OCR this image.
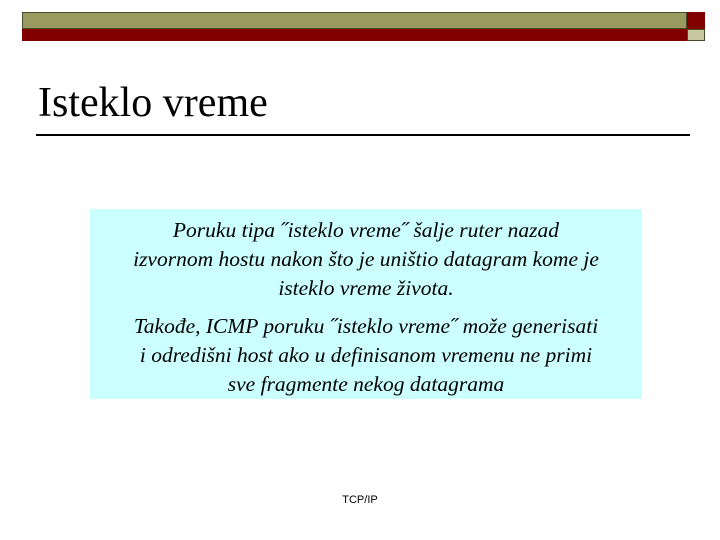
Isteklo vreme
Poruku tipa ˝isteklo vreme˝ šalje ruter nazad
izvornom hostu nakon što je uništio datagram kome je
isteklo vreme života.
Takođe, ICMP poruku ˝isteklo vreme˝ može generisati
i odredišni host ako u definisanom vremenu ne primi
sve fragmente nekog datagrama
TCP/IP
